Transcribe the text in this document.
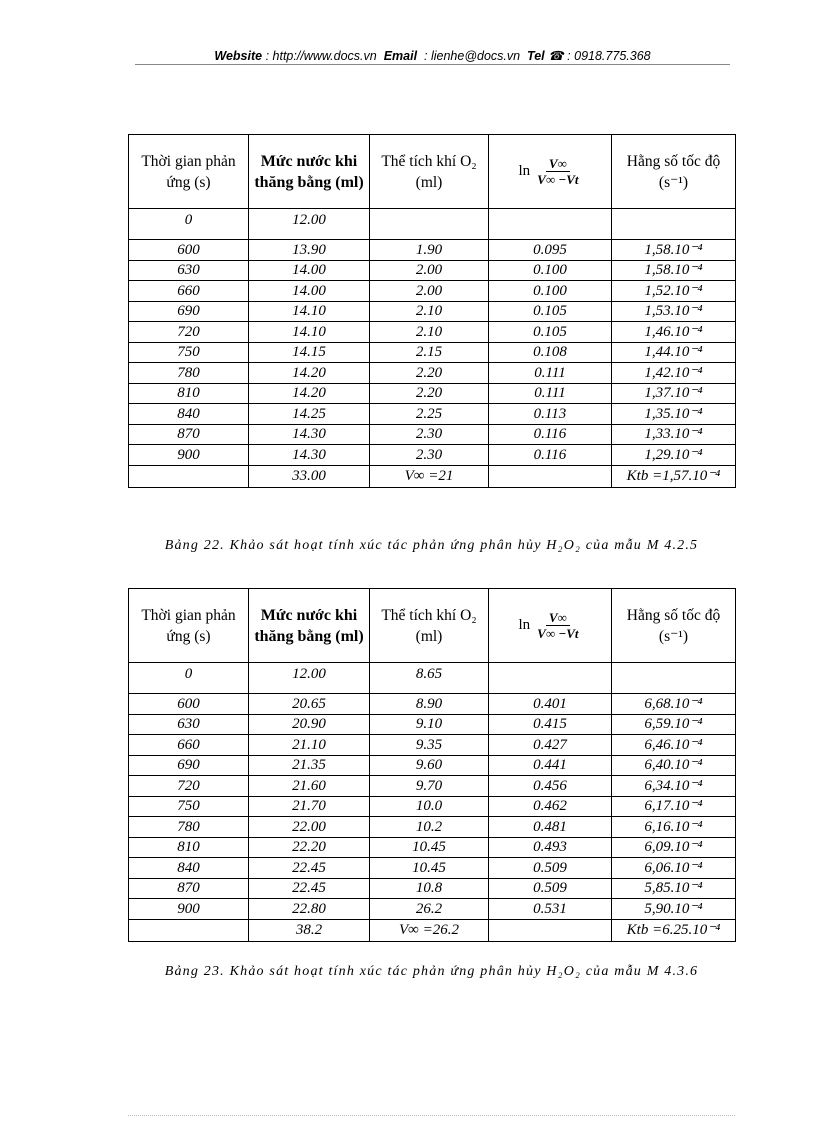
Website : http://www.docs.vn Email : lienhe@docs.vn Tel ☎ : 0918.775.368
Thời gian phản ứng (s)	Mức nước khi thăng bằng (ml)	Thể tích khí O₂ (ml)	$\ln \frac{V\infty}{V\infty -Vt}$	Hằng số tốc độ (s⁻¹)
0	12.00			
600	13.90	1.90	0.095	1,58.10⁻⁴
630	14.00	2.00	0.100	1,58.10⁻⁴
660	14.00	2.00	0.100	1,52.10⁻⁴
690	14.10	2.10	0.105	1,53.10⁻⁴
720	14.10	2.10	0.105	1,46.10⁻⁴
750	14.15	2.15	0.108	1,44.10⁻⁴
780	14.20	2.20	0.111	1,42.10⁻⁴
810	14.20	2.20	0.111	1,37.10⁻⁴
840	14.25	2.25	0.113	1,35.10⁻⁴
870	14.30	2.30	0.116	1,33.10⁻⁴
900	14.30	2.30	0.116	1,29.10⁻⁴
	33.00	V∞ =21		Ktb =1,57.10⁻⁴
Bảng 22. Khảo sát hoạt tính xúc tác phản ứng phân hủy H₂O₂ của mẫu M 4.2.5
Thời gian phản ứng (s)	Mức nước khi thăng bằng (ml)	Thể tích khí O₂ (ml)	$\ln \frac{V\infty}{V\infty -Vt}$	Hằng số tốc độ (s⁻¹)
0	12.00	8.65		
600	20.65	8.90	0.401	6,68.10⁻⁴
630	20.90	9.10	0.415	6,59.10⁻⁴
660	21.10	9.35	0.427	6,46.10⁻⁴
690	21.35	9.60	0.441	6,40.10⁻⁴
720	21.60	9.70	0.456	6,34.10⁻⁴
750	21.70	10.0	0.462	6,17.10⁻⁴
780	22.00	10.2	0.481	6,16.10⁻⁴
810	22.20	10.45	0.493	6,09.10⁻⁴
840	22.45	10.45	0.509	6,06.10⁻⁴
870	22.45	10.8	0.509	5,85.10⁻⁴
900	22.80	26.2	0.531	5,90.10⁻⁴
	38.2	V∞ =26.2		Ktb =6.25.10⁻⁴
Bảng 23. Khảo sát hoạt tính xúc tác phản ứng phân hủy H₂O₂ của mẫu M 4.3.6
